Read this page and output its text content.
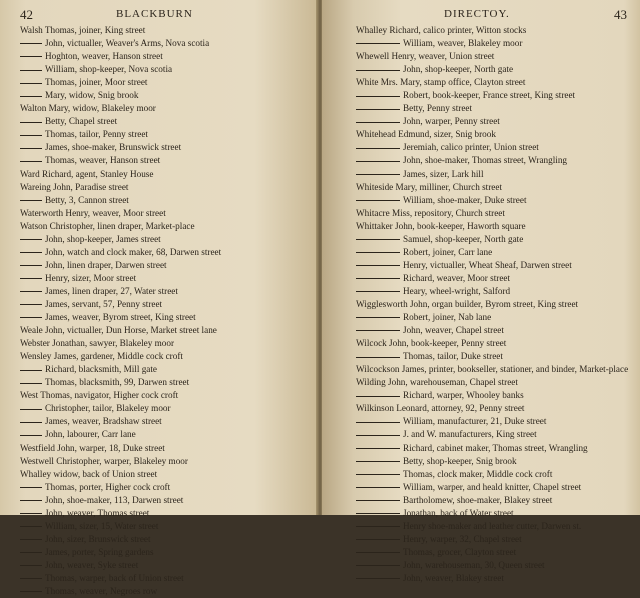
42	BLACKBURN
Walsh Thomas, joiner, King street
John, victualler, Weaver's Arms, Nova scotia
Hoghton, weaver, Hanson street
William, shop-keeper, Nova scotia
Thomas, joiner, Moor street
Mary, widow, Snig brook
Walton Mary, widow, Blakeley moor
Betty, Chapel street
Thomas, tailor, Penny street
James, shoe-maker, Brunswick street
Thomas, weaver, Hanson street
Ward Richard, agent, Stanley House
Wareing John, Paradise street
Betty, 3, Cannon street
Waterworth Henry, weaver, Moor street
Watson Christopher, linen draper, Market-place
John, shop-keeper, James street
John, watch and clock maker, 68, Darwen street
John, linen draper, Darwen street
Henry, sizer, Moor street
James, linen draper, 27, Water street
James, servant, 57, Penny street
James, weaver, Byrom street, King street
Weale John, victualler, Dun Horse, Market street lane
Webster Jonathan, sawyer, Blakeley moor
Wensley James, gardener, Middle cock croft
Richard, blacksmith, Mill gate
Thomas, blacksmith, 99, Darwen street
West Thomas, navigator, Higher cock croft
Christopher, tailor, Blakeley moor
James, weaver, Bradshaw street
John, labourer, Carr lane
Westfield John, warper, 18, Duke street
Westwell Christopher, warper, Blakeley moor
Whalley widow, back of Union street
Thomas, porter, Higher cock croft
John, shoe-maker, 113, Darwen street
John, weaver, Thomas street
William, sizer, 15, Water street
John, sizer, Brunswick street
James, porter, Spring gardens
John, weaver, Syke street
Thomas, warper, back of Union street
Thomas, weaver, Negroes row
DIRECTOY.	43
Whalley Richard, calico printer, Witton stocks
William, weaver, Blakeley moor
Whewell Henry, weaver, Union street
John, shop-keeper, North gate
White Mrs. Mary, stamp office, Clayton street
Robert, book-keeper, France street, King street
Betty, Penny street
John, warper, Penny street
Whitehead Edmund, sizer, Snig brook
Jeremiah, calico printer, Union street
John, shoe-maker, Thomas street, Wrangling
James, sizer, Lark hill
Whiteside Mary, milliner, Church street
William, shoe-maker, Duke street
Whitacre Miss, repository, Church street
Whittaker John, book-keeper, Haworth square
Samuel, shop-keeper, North gate
Robert, joiner, Carr lane
Henry, victualler, Wheat Sheaf, Darwen street
Richard, weaver, Moor street
Heary, wheel-wright, Salford
Wigglesworth John, organ builder, Byrom street, King street
Robert, joiner, Nab lane
John, weaver, Chapel street
Wilcock John, book-keeper, Penny street
Thomas, tailor, Duke street
Wilcockson James, printer, bookseller, stationer, and binder, Market-place
Wilding John, warehouseman, Chapel street
Richard, warper, Whooley banks
Wilkinson Leonard, attorney, 92, Penny street
William, manufacturer, 21, Duke street
J. and W. manufacturers, King street
Richard, cabinet maker, Thomas street, Wrangling
Betty, shop-keeper, Snig brook
Thomas, clock maker, Middle cock croft
William, warper, and heald knitter, Chapel street
Bartholomew, shoe-maker, Blakey street
Jonathan, back of Water street
Henry shoe-maker and leather cutter, Darwen st.
Henry, warper, 32, Chapel street
Thomas, grocer, Clayton street
John, warehouseman, 30, Queen street
John, weaver, Blakey street
